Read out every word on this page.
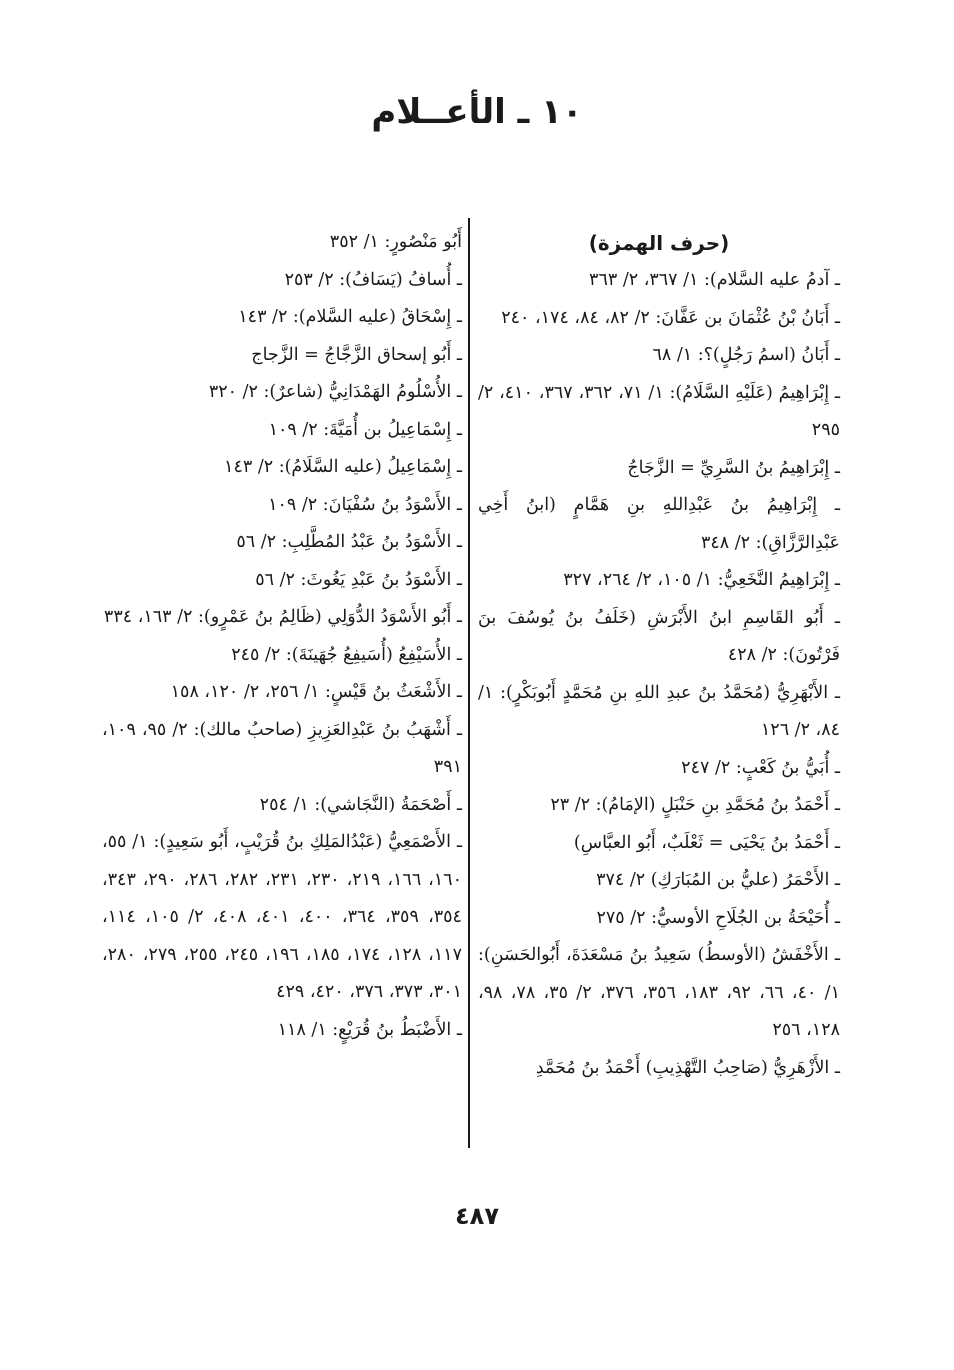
١٠ ـ الأعــلام
(حرف الهمزة)
ـ آدمُ عليه السَّلام): ١/ ٣٦٧، ٢/ ٣٦٣
ـ أَبَانُ بْنُ عُثْمَانَ بن عَفَّانَ: ٢/ ٨٢، ٨٤، ١٧٤، ٢٤٠
ـ أَبَانُ (اسمُ رَجُلٍ)؟: ١/ ٦٨
ـ إِبْرَاهِيمُ (عَلَيْهِ السَّلَامُ): ١/ ٧١، ٣٦٢، ٣٦٧، ٤١٠، ٢/ ٢٩٥
ـ إِبْرَاهِيمُ بنُ السَّرِيِّ = الزَّجَاجُ
ـ إِبْرَاهِيمُ بنُ عَبْدِاللهِ بنِ هَمَّامٍ (ابنُ أَخِي عَبْدِالرَّزَّاقِ): ٢/ ٣٤٨
ـ إِبْرَاهِيمُ النَّخَعِيُّ: ١/ ١٠٥، ٢/ ٢٦٤، ٣٢٧
ـ أَبُو القَاسِمِ ابنُ الأَبْرَشِ (خَلَفُ بنُ يُوسُفَ بنَ فَرْتُونَ): ٢/ ٤٢٨
ـ الأَبْهَرِيُّ (مُحَمَّدُ بنُ عبدِ اللهِ بنِ مُحَمَّدٍ أَبُوبَكْرٍ): ١/ ٨٤، ٢/ ١٢٦
ـ أُبَيُّ بنُ كَعْبٍ: ٢/ ٢٤٧
ـ أَحْمَدُ بنُ مُحَمَّدِ بنِ حَنْبَلٍ (الإمَامُ): ٢/ ٢٣
ـ أَحْمَدُ بنُ يَحْيَى = ثَعْلَبٌ، أَبُو العبَّاسِ)
ـ الأَحْمَرُ (عليُّ بن المُبَارَكِ) ٢/ ٣٧٤
ـ أُحَيْحَةُ بن الجُلَاحِ الأوسيُّ: ٢/ ٢٧٥
ـ الأَخْفَشُ (الأوسطُ) سَعِيدُ بنُ مَسْعَدَةَ، أَبُوالحَسَنِ): ١/ ٤٠، ٦٦، ٩٢، ١٨٣، ٣٥٦، ٣٧٦، ٢/ ٣٥، ٧٨، ٩٨، ١٢٨، ٢٥٦
ـ الأَزْهَرِيُّ (صَاحِبُ التَّهْذِيبِ) أَحْمَدُ بنُ مُحَمَّدِ
أَبُو مَنْصُورٍ: ١/ ٣٥٢
ـ أُسافُ (يَسَافُ): ٢/ ٢٥٣
ـ إِسْحَاقُ (عليه السَّلام): ٢/ ١٤٣
ـ أَبُو إسحاق الزَّجَّاجُ = الزَّجاج
ـ الأُسْلُومُ الهَمْدَانِيُّ (شاعرٌ): ٢/ ٣٢٠
ـ إِسْمَاعِيلُ بن أُمَيَّةَ: ٢/ ١٠٩
ـ إِسْمَاعِيلُ (عليه السَّلَامُ): ٢/ ١٤٣
ـ الأَسْوَدُ بنُ سُفْيَانَ: ٢/ ١٠٩
ـ الأَسْوَدُ بنُ عَبْدُ المُطَّلِبِ: ٢/ ٥٦
ـ الأَسْوَدُ بنُ عَبْدِ يَغُوثَ: ٢/ ٥٦
ـ أَبُو الأَسْوَدُ الدُّوَلِي (ظَالِمُ بنُ عَمْرٍو): ٢/ ١٦٣، ٣٣٤
ـ الأُسَيْفِعُ (أُسَيفِعُ جُهَينَةَ): ٢/ ٢٤٥
ـ الأَشْعَثُ بنُ قَيْسٍ: ١/ ٢٥٦، ٢/ ١٢٠، ١٥٨
ـ أَشْهَبُ بنُ عَبْدِالعَزِيزِ (صاحبُ مالك): ٢/ ٩٥، ١٠٩، ٣٩١
ـ أَصْحَمَةُ (النَّجَاشي): ١/ ٢٥٤
ـ الأَصْمَعِيُّ (عَبْدُالمَلِكِ بنُ قُرَيْبٍ، أَبُو سَعِيدٍ): ١/ ٥٥، ١٦٠، ١٦٦، ٢١٩، ٢٣٠، ٢٣١، ٢٨٢، ٢٨٦، ٢٩٠، ٣٤٣، ٣٥٤، ٣٥٩، ٣٦٤، ٤٠٠، ٤٠١، ٤٠٨، ٢/ ١٠٥، ١١٤، ١١٧، ١٢٨، ١٧٤، ١٨٥، ١٩٦، ٢٤٥، ٢٥٥، ٢٧٩، ٢٨٠، ٣٠١، ٣٧٣، ٣٧٦، ٤٢٠، ٤٢٩
ـ الأَضْبَطُ بنُ قُرَيْعٍ: ١/ ١١٨
٤٨٧
